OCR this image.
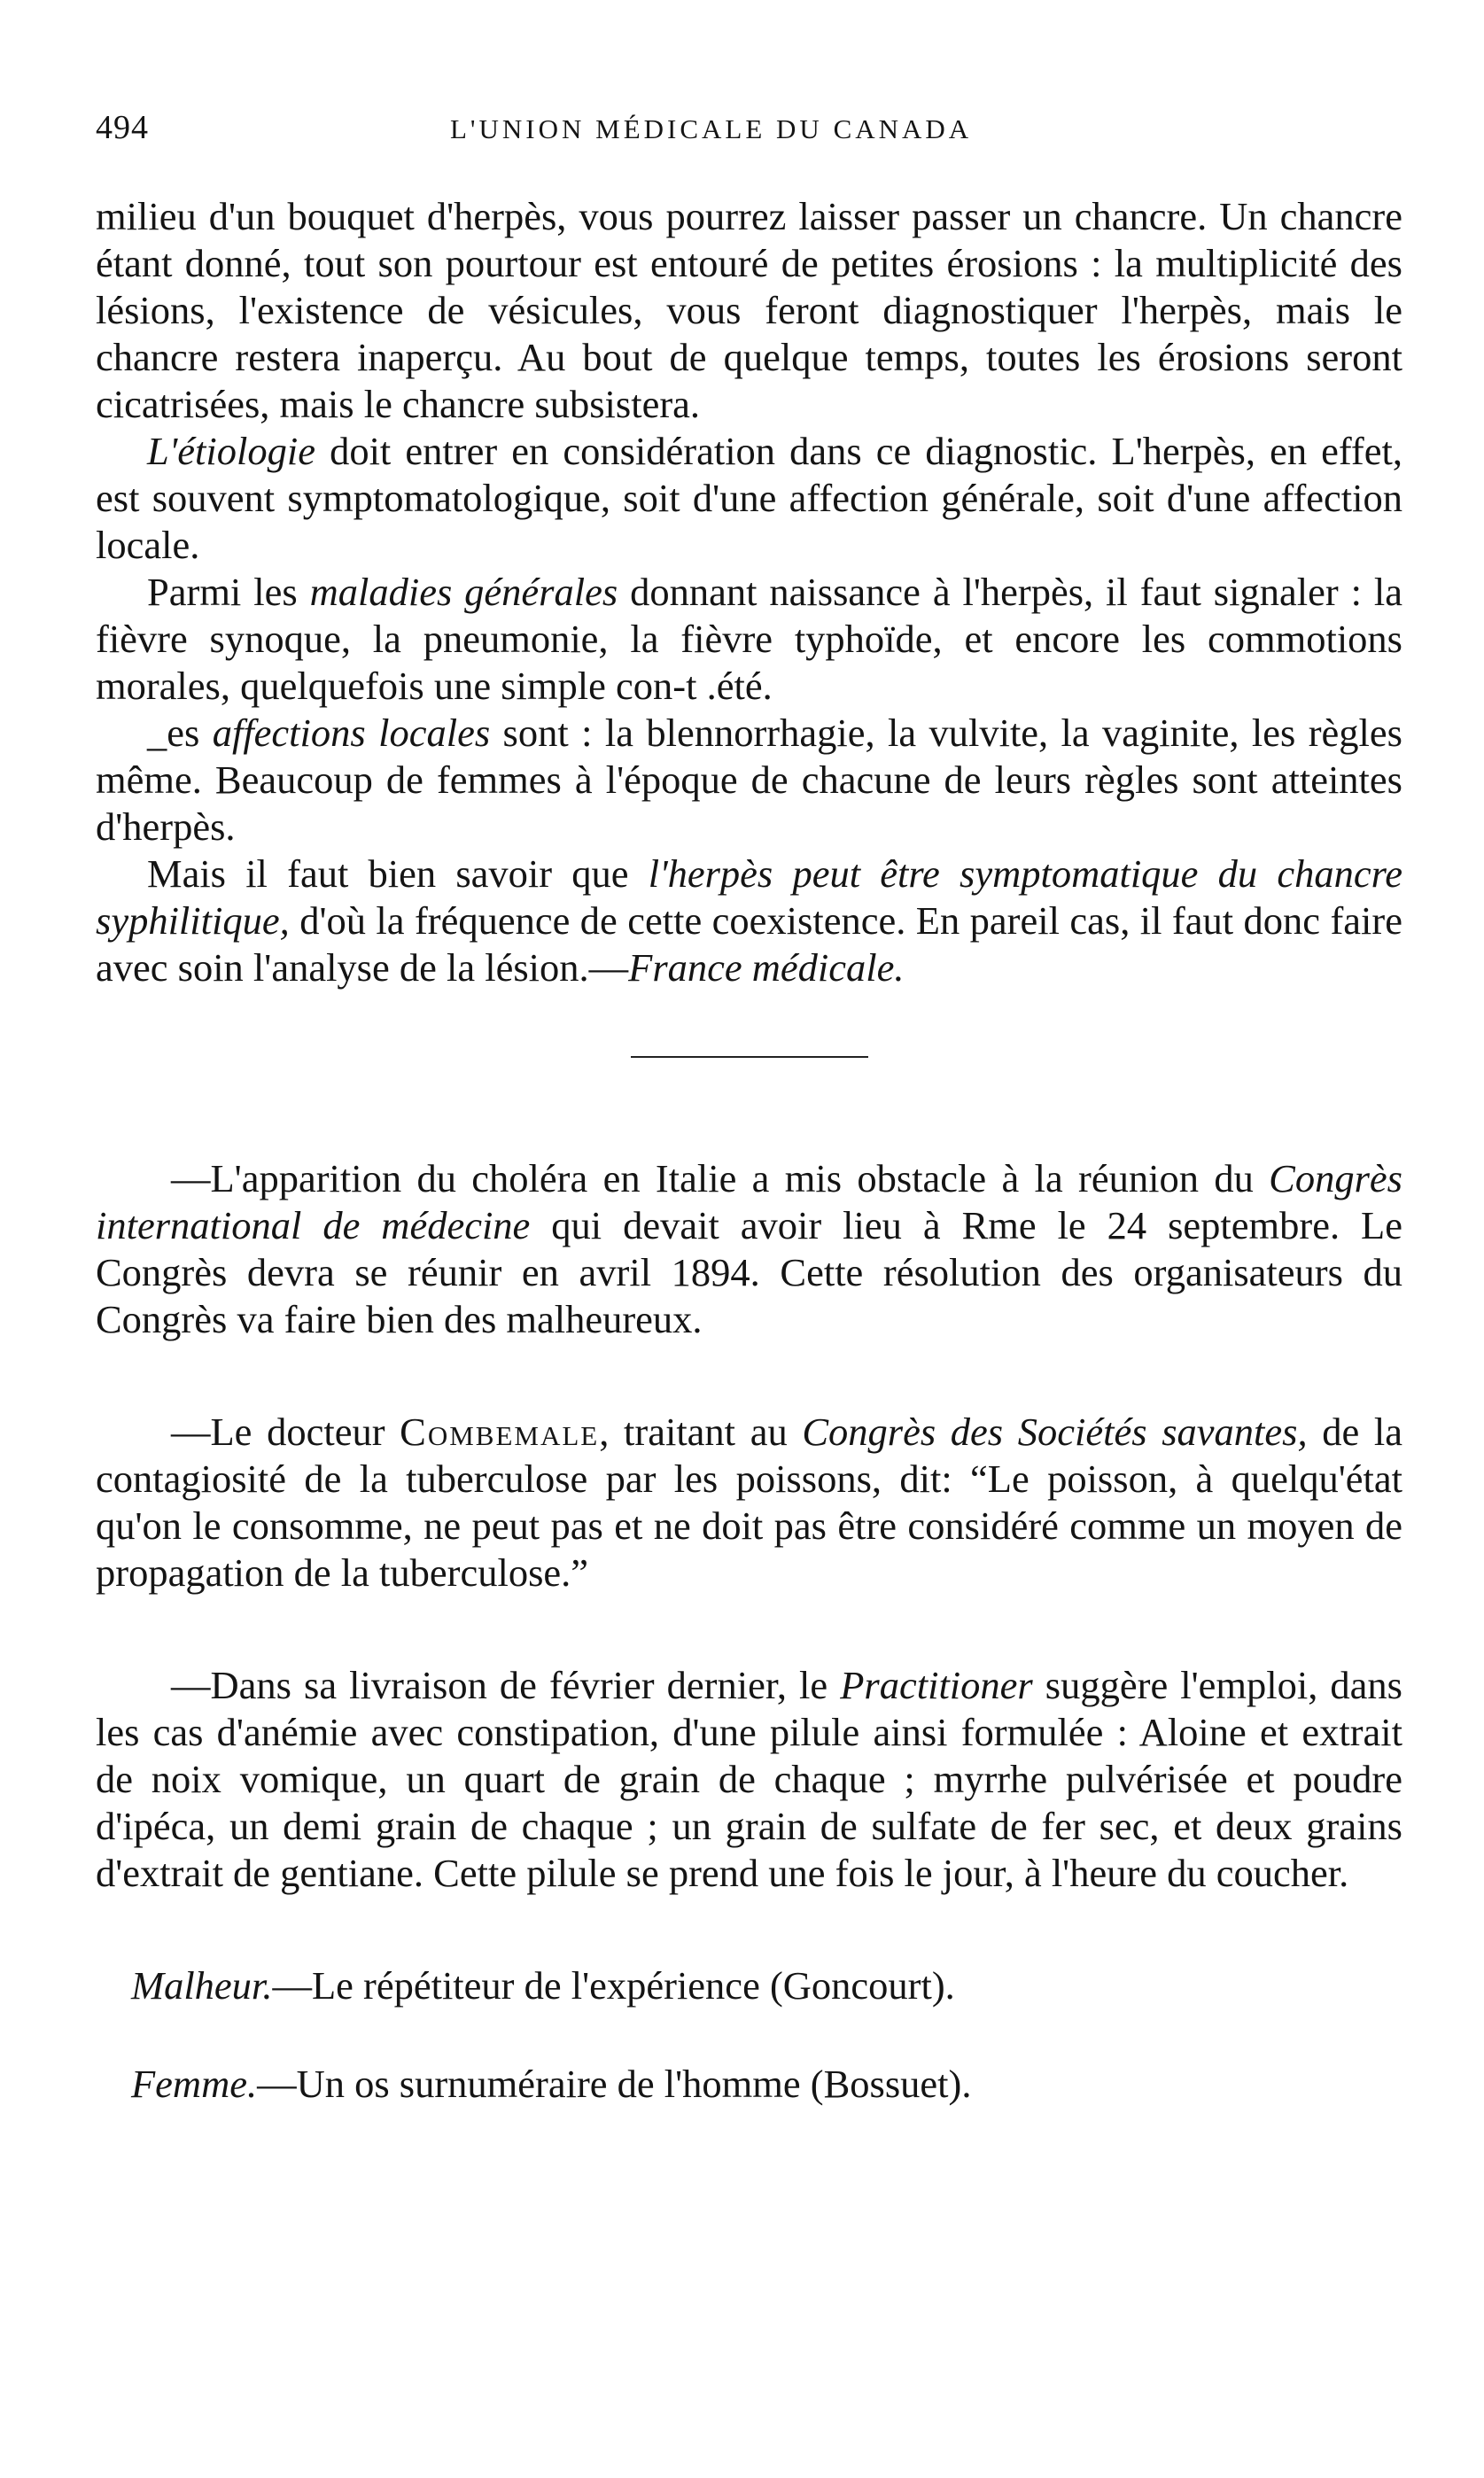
494	L'UNION MÉDICALE DU CANADA

milieu d'un bouquet d'herpès, vous pourrez laisser passer un chancre. Un chancre étant donné, tout son pourtour est entouré de petites érosions : la multiplicité des lésions, l'existence de vésicules, vous feront diagnostiquer l'herpès, mais le chancre restera inaperçu. Au bout de quelque temps, toutes les érosions seront cicatrisées, mais le chancre subsistera.

L'étiologie doit entrer en considération dans ce diagnostic. L'herpès, en effet, est souvent symptomatologique, soit d'une affection générale, soit d'une affection locale.

Parmi les maladies générales donnant naissance à l'herpès, il faut signaler : la fièvre synoque, la pneumonie, la fièvre typhoïde, et encore les commotions morales, quelquefois une simple con-t .été.

_es affections locales sont : la blennorrhagie, la vulvite, la vaginite, les règles même. Beaucoup de femmes à l'époque de chacune de leurs règles sont atteintes d'herpès.

Mais il faut bien savoir que l'herpès peut être symptomatique du chancre syphilitique, d'où la fréquence de cette coexistence. En pareil cas, il faut donc faire avec soin l'analyse de la lésion.—France médicale.

—L'apparition du choléra en Italie a mis obstacle à la réunion du Congrès international de médecine qui devait avoir lieu à Rme le 24 septembre. Le Congrès devra se réunir en avril 1894. Cette résolution des organisateurs du Congrès va faire bien des malheureux.

—Le docteur Combemale, traitant au Congrès des Sociétés savantes, de la contagiosité de la tuberculose par les poissons, dit: “Le poisson, à quelqu'état qu'on le consomme, ne peut pas et ne doit pas être considéré comme un moyen de propagation de la tuberculose.”

—Dans sa livraison de février dernier, le Practitioner suggère l'emploi, dans les cas d'anémie avec constipation, d'une pilule ainsi formulée : Aloine et extrait de noix vomique, un quart de grain de chaque ; myrrhe pulvérisée et poudre d'ipéca, un demi grain de chaque ; un grain de sulfate de fer sec, et deux grains d'extrait de gentiane. Cette pilule se prend une fois le jour, à l'heure du coucher.

Malheur.—Le répétiteur de l'expérience (Goncourt).

Femme.—Un os surnuméraire de l'homme (Bossuet).
